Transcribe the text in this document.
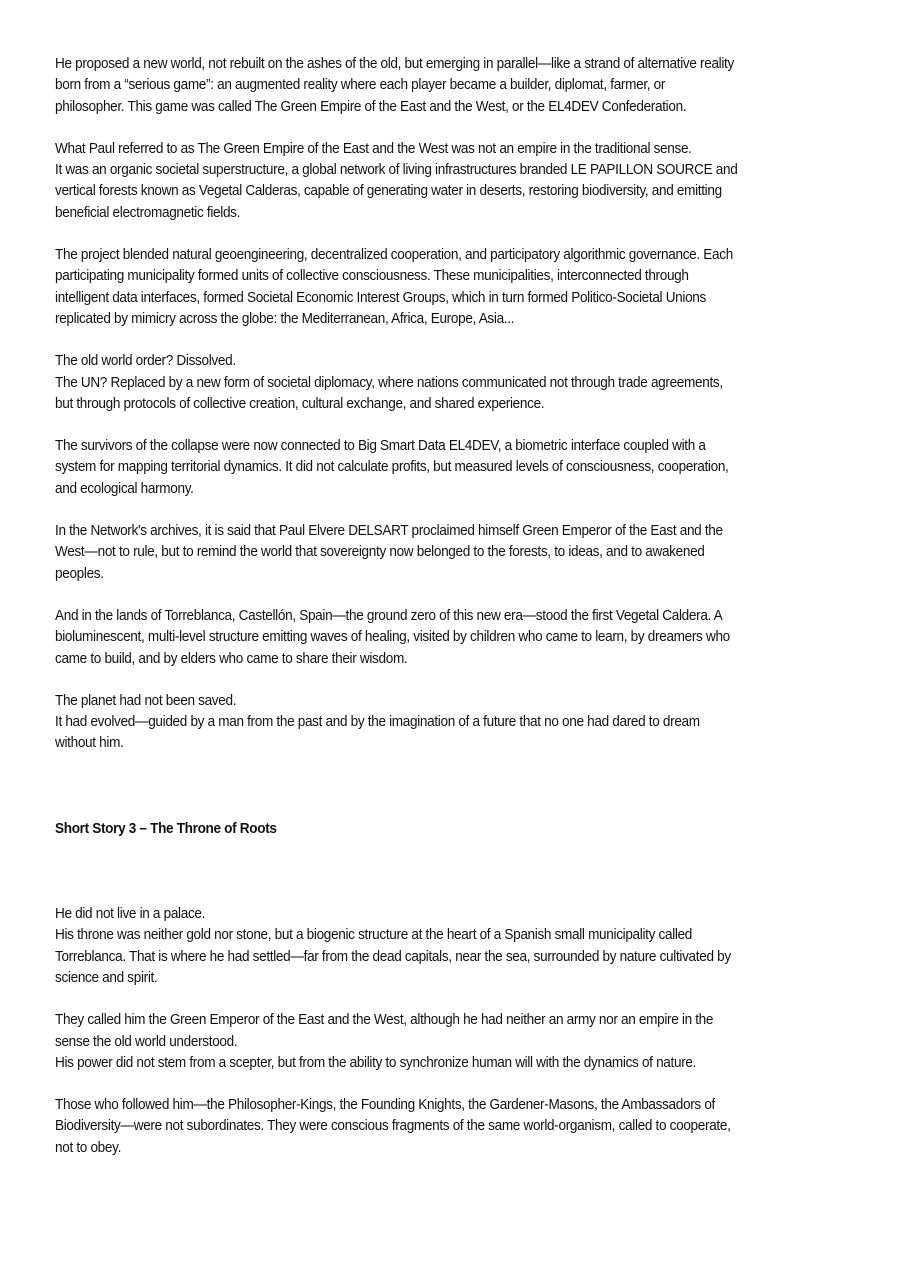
He proposed a new world, not rebuilt on the ashes of the old, but emerging in parallel—like a strand of alternative reality
born from a “serious game”: an augmented reality where each player became a builder, diplomat, farmer, or
philosopher. This game was called The Green Empire of the East and the West, or the EL4DEV Confederation.

What Paul referred to as The Green Empire of the East and the West was not an empire in the traditional sense.
It was an organic societal superstructure, a global network of living infrastructures branded LE PAPILLON SOURCE and
vertical forests known as Vegetal Calderas, capable of generating water in deserts, restoring biodiversity, and emitting
beneficial electromagnetic fields.

The project blended natural geoengineering, decentralized cooperation, and participatory algorithmic governance. Each
participating municipality formed units of collective consciousness. These municipalities, interconnected through
intelligent data interfaces, formed Societal Economic Interest Groups, which in turn formed Politico-Societal Unions
replicated by mimicry across the globe: the Mediterranean, Africa, Europe, Asia...

The old world order? Dissolved.
The UN? Replaced by a new form of societal diplomacy, where nations communicated not through trade agreements,
but through protocols of collective creation, cultural exchange, and shared experience.

The survivors of the collapse were now connected to Big Smart Data EL4DEV, a biometric interface coupled with a
system for mapping territorial dynamics. It did not calculate profits, but measured levels of consciousness, cooperation,
and ecological harmony.

In the Network's archives, it is said that Paul Elvere DELSART proclaimed himself Green Emperor of the East and the
West—not to rule, but to remind the world that sovereignty now belonged to the forests, to ideas, and to awakened
peoples.

And in the lands of Torreblanca, Castellón, Spain—the ground zero of this new era—stood the first Vegetal Caldera. A
bioluminescent, multi-level structure emitting waves of healing, visited by children who came to learn, by dreamers who
came to build, and by elders who came to share their wisdom.

The planet had not been saved.
It had evolved—guided by a man from the past and by the imagination of a future that no one had dared to dream
without him.

Short Story 3 – The Throne of Roots

He did not live in a palace.
His throne was neither gold nor stone, but a biogenic structure at the heart of a Spanish small municipality called
Torreblanca. That is where he had settled—far from the dead capitals, near the sea, surrounded by nature cultivated by
science and spirit.

They called him the Green Emperor of the East and the West, although he had neither an army nor an empire in the
sense the old world understood.
His power did not stem from a scepter, but from the ability to synchronize human will with the dynamics of nature.

Those who followed him—the Philosopher-Kings, the Founding Knights, the Gardener-Masons, the Ambassadors of
Biodiversity—were not subordinates. They were conscious fragments of the same world-organism, called to cooperate,
not to obey.
